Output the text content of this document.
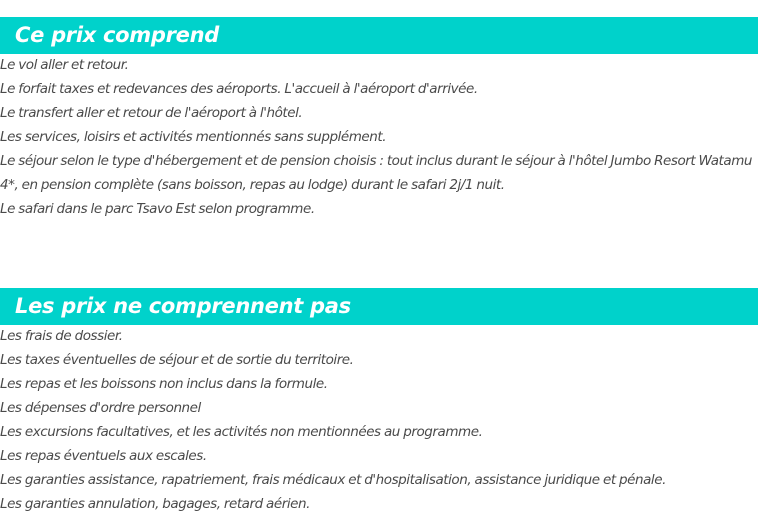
Ce prix comprend
Le vol aller et retour.
Le forfait taxes et redevances des aéroports. L'accueil à l'aéroport d'arrivée.
Le transfert aller et retour de l'aéroport à l'hôtel.
Les services, loisirs et activités mentionnés sans supplément.
Le séjour selon le type d'hébergement et de pension choisis : tout inclus durant le séjour à l'hôtel Jumbo Resort Watamu 4*, en pension complète (sans boisson, repas au lodge) durant le safari 2j/1 nuit.
Le safari dans le parc Tsavo Est selon programme.
Les prix ne comprennent pas
Les frais de dossier.
Les taxes éventuelles de séjour et de sortie du territoire.
Les repas et les boissons non inclus dans la formule.
Les dépenses d'ordre personnel
Les excursions facultatives, et les activités non mentionnées au programme.
Les repas éventuels aux escales.
Les garanties assistance, rapatriement, frais médicaux et d'hospitalisation, assistance juridique et pénale.
Les garanties annulation, bagages, retard aérien.
